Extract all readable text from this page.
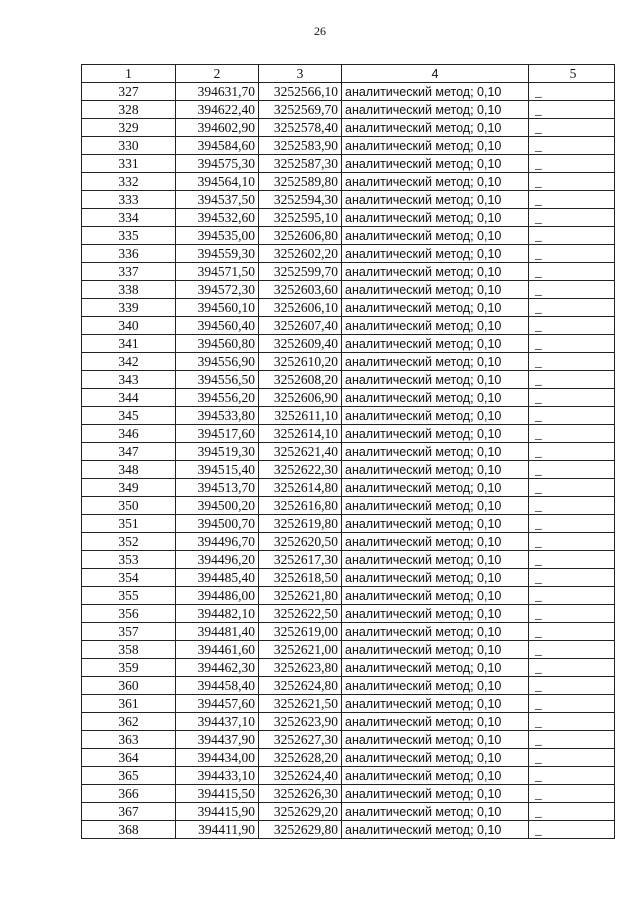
26
1	2	3	4	5
327	394631,70	3252566,10	аналитический метод; 0,10	_
328	394622,40	3252569,70	аналитический метод; 0,10	_
329	394602,90	3252578,40	аналитический метод; 0,10	_
330	394584,60	3252583,90	аналитический метод; 0,10	_
331	394575,30	3252587,30	аналитический метод; 0,10	_
332	394564,10	3252589,80	аналитический метод; 0,10	_
333	394537,50	3252594,30	аналитический метод; 0,10	_
334	394532,60	3252595,10	аналитический метод; 0,10	_
335	394535,00	3252606,80	аналитический метод; 0,10	_
336	394559,30	3252602,20	аналитический метод; 0,10	_
337	394571,50	3252599,70	аналитический метод; 0,10	_
338	394572,30	3252603,60	аналитический метод; 0,10	_
339	394560,10	3252606,10	аналитический метод; 0,10	_
340	394560,40	3252607,40	аналитический метод; 0,10	_
341	394560,80	3252609,40	аналитический метод; 0,10	_
342	394556,90	3252610,20	аналитический метод; 0,10	_
343	394556,50	3252608,20	аналитический метод; 0,10	_
344	394556,20	3252606,90	аналитический метод; 0,10	_
345	394533,80	3252611,10	аналитический метод; 0,10	_
346	394517,60	3252614,10	аналитический метод; 0,10	_
347	394519,30	3252621,40	аналитический метод; 0,10	_
348	394515,40	3252622,30	аналитический метод; 0,10	_
349	394513,70	3252614,80	аналитический метод; 0,10	_
350	394500,20	3252616,80	аналитический метод; 0,10	_
351	394500,70	3252619,80	аналитический метод; 0,10	_
352	394496,70	3252620,50	аналитический метод; 0,10	_
353	394496,20	3252617,30	аналитический метод; 0,10	_
354	394485,40	3252618,50	аналитический метод; 0,10	_
355	394486,00	3252621,80	аналитический метод; 0,10	_
356	394482,10	3252622,50	аналитический метод; 0,10	_
357	394481,40	3252619,00	аналитический метод; 0,10	_
358	394461,60	3252621,00	аналитический метод; 0,10	_
359	394462,30	3252623,80	аналитический метод; 0,10	_
360	394458,40	3252624,80	аналитический метод; 0,10	_
361	394457,60	3252621,50	аналитический метод; 0,10	_
362	394437,10	3252623,90	аналитический метод; 0,10	_
363	394437,90	3252627,30	аналитический метод; 0,10	_
364	394434,00	3252628,20	аналитический метод; 0,10	_
365	394433,10	3252624,40	аналитический метод; 0,10	_
366	394415,50	3252626,30	аналитический метод; 0,10	_
367	394415,90	3252629,20	аналитический метод; 0,10	_
368	394411,90	3252629,80	аналитический метод; 0,10	_
